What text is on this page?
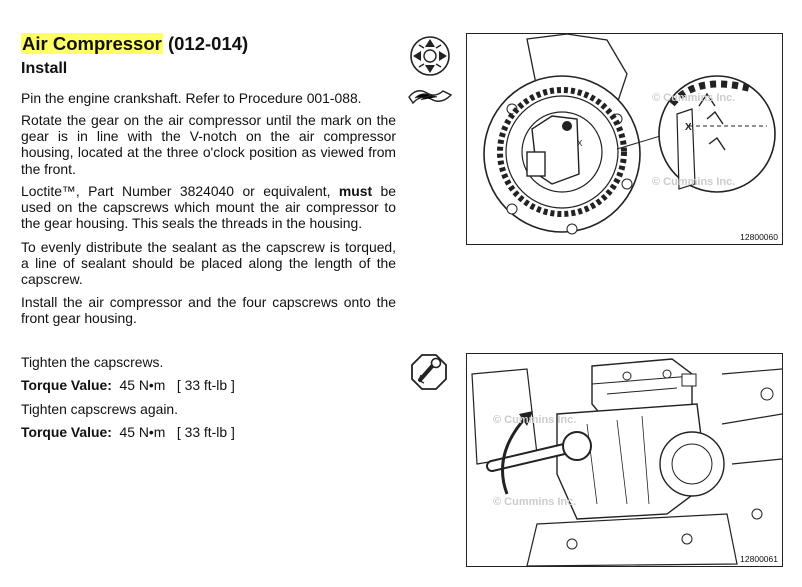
Air Compressor (012-014)
Install
Pin the engine crankshaft. Refer to Procedure 001-088.
Rotate the gear on the air compressor until the mark on the gear is in line with the V-notch on the air compressor housing, located at the three o'clock position as viewed from the front.
Loctite™, Part Number 3824040 or equivalent, must be used on the capscrews which mount the air compressor to the gear housing. This seals the threads in the housing.
To evenly distribute the sealant as the capscrew is torqued, a line of sealant should be placed along the length of the capscrew.
Install the air compressor and the four capscrews onto the front gear housing.
Tighten the capscrews.
Torque Value: 45 N•m [ 33 ft-lb ]
Tighten capscrews again.
Torque Value: 45 N•m [ 33 ft-lb ]
X
X
© Cummins Inc.
© Cummins Inc.
12800060
© Cummins Inc.
© Cummins Inc.
12800061
